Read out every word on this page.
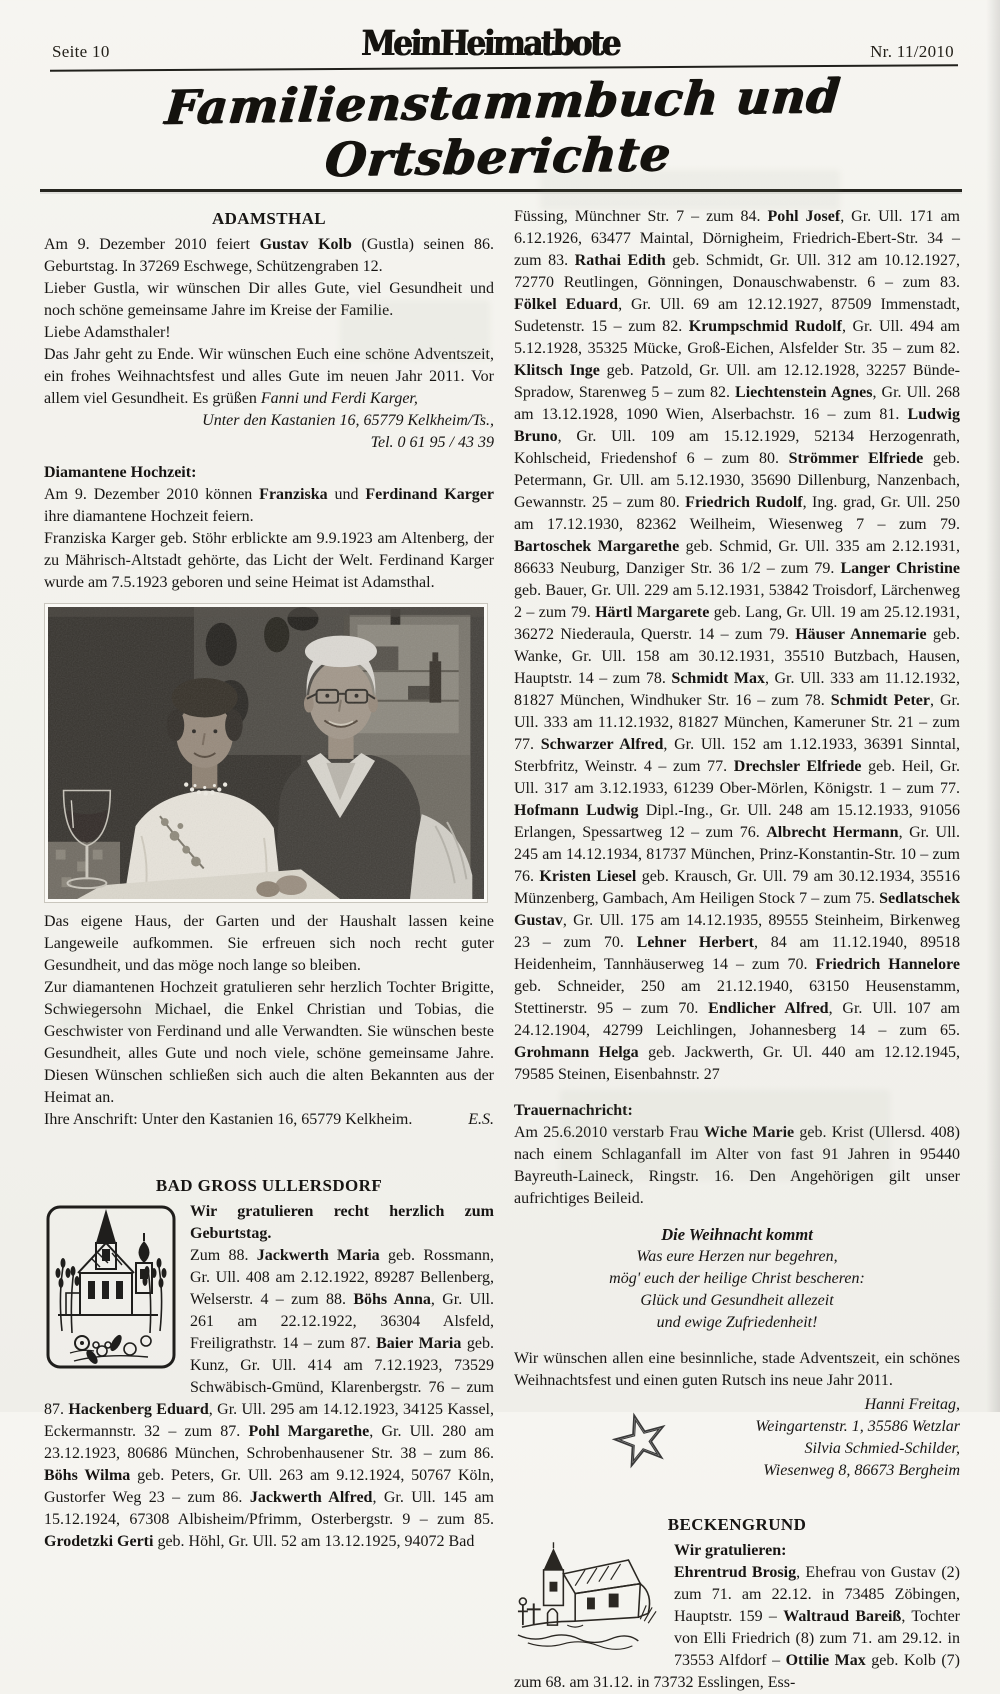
Seite 10	MeinHeimatbote	Nr. 11/2010
Familienstammbuch und Ortsberichte
ADAMSTHAL

Am 9. Dezember 2010 feiert Gustav Kolb (Gustla) seinen 86. Geburtstag. In 37269 Eschwege, Schützengraben 12.

Lieber Gustla, wir wünschen Dir alles Gute, viel Gesundheit und noch schöne gemeinsame Jahre im Kreise der Familie.

Liebe Adamsthaler!

Das Jahr geht zu Ende. Wir wünschen Euch eine schöne Adventszeit, ein frohes Weihnachtsfest und alles Gute im neuen Jahr 2011. Vor allem viel Gesundheit. Es grüßen Fanni und Ferdi Karger,

Unter den Kastanien 16, 65779 Kelkheim/Ts.,
Tel. 0 61 95 / 43 39
Diamantene Hochzeit:

Am 9. Dezember 2010 können Franziska und Ferdinand Karger ihre diamantene Hochzeit feiern.

Franziska Karger geb. Stöhr erblickte am 9.9.1923 am Altenberg, der zu Mährisch-Altstadt gehörte, das Licht der Welt. Ferdinand Karger wurde am 7.5.1923 geboren und seine Heimat ist Adamsthal.

Das eigene Haus, der Garten und der Haushalt lassen keine Langeweile aufkommen. Sie erfreuen sich noch recht guter Gesundheit, und das möge noch lange so bleiben.

Zur diamantenen Hochzeit gratulieren sehr herzlich Tochter Brigitte, Schwiegersohn Michael, die Enkel Christian und Tobias, die Geschwister von Ferdinand und alle Verwandten. Sie wünschen beste Gesundheit, alles Gute und noch viele, schöne gemeinsame Jahre. Diesen Wünschen schließen sich auch die alten Bekannten aus der Heimat an.

Ihre Anschrift: Unter den Kastanien 16, 65779 Kelkheim.	E.S.
BAD GROSS ULLERSDORF

Wir gratulieren recht herzlich zum Geburtstag.

Zum 88. Jackwerth Maria geb. Rossmann, Gr. Ull. 408 am 2.12.1922, 89287 Bellenberg, Welserstr. 4 – zum 88. Böhs Anna, Gr. Ull. 261 am 22.12.1922, 36304 Alsfeld, Freiligrathstr. 14 – zum 87. Baier Maria geb. Kunz, Gr. Ull. 414 am 7.12.1923, 73529 Schwäbisch-Gmünd, Klarenbergstr. 76 – zum 87. Hackenberg Eduard, Gr. Ull. 295 am 14.12.1923, 34125 Kassel, Eckermannstr. 32 – zum 87. Pohl Margarethe, Gr. Ull. 280 am 23.12.1923, 80686 München, Schrobenhausener Str. 38 – zum 86. Böhs Wilma geb. Peters, Gr. Ull. 263 am 9.12.1924, 50767 Köln, Gustorfer Weg 23 – zum 86. Jackwerth Alfred, Gr. Ull. 145 am 15.12.1924, 67308 Albisheim/Pfrimm, Osterbergstr. 9 – zum 85. Grodetzki Gerti geb. Höhl, Gr. Ull. 52 am 13.12.1925, 94072 Bad

Füssing, Münchner Str. 7 – zum 84. Pohl Josef, Gr. Ull. 171 am 6.12.1926, 63477 Maintal, Dörnigheim, Friedrich-Ebert-Str. 34 – zum 83. Rathai Edith geb. Schmidt, Gr. Ull. 312 am 10.12.1927, 72770 Reutlingen, Gönningen, Donauschwabenstr. 6 – zum 83. Fölkel Eduard, Gr. Ull. 69 am 12.12.1927, 87509 Immenstadt, Sudetenstr. 15 – zum 82. Krumpschmid Rudolf, Gr. Ull. 494 am 5.12.1928, 35325 Mücke, Groß-Eichen, Alsfelder Str. 35 – zum 82. Klitsch Inge geb. Patzold, Gr. Ull. am 12.12.1928, 32257 Bünde-Spradow, Starenweg 5 – zum 82. Liechtenstein Agnes, Gr. Ull. 268 am 13.12.1928, 1090 Wien, Alserbachstr. 16 – zum 81. Ludwig Bruno, Gr. Ull. 109 am 15.12.1929, 52134 Herzogenrath, Kohlscheid, Friedenshof 6 – zum 80. Strömmer Elfriede geb. Petermann, Gr. Ull. am 5.12.1930, 35690 Dillenburg, Nanzenbach, Gewannstr. 25 – zum 80. Friedrich Rudolf, Ing. grad, Gr. Ull. 250 am 17.12.1930, 82362 Weilheim, Wiesenweg 7 – zum 79. Bartoschek Margarethe geb. Schmid, Gr. Ull. 335 am 2.12.1931, 86633 Neuburg, Danziger Str. 36 1/2 – zum 79. Langer Christine geb. Bauer, Gr. Ull. 229 am 5.12.1931, 53842 Troisdorf, Lärchenweg 2 – zum 79. Härtl Margarete geb. Lang, Gr. Ull. 19 am 25.12.1931, 36272 Niederaula, Querstr. 14 – zum 79. Häuser Annemarie geb. Wanke, Gr. Ull. 158 am 30.12.1931, 35510 Butzbach, Hausen, Hauptstr. 14 – zum 78. Schmidt Max, Gr. Ull. 333 am 11.12.1932, 81827 München, Windhuker Str. 16 – zum 78. Schmidt Peter, Gr. Ull. 333 am 11.12.1932, 81827 München, Kameruner Str. 21 – zum 77. Schwarzer Alfred, Gr. Ull. 152 am 1.12.1933, 36391 Sinntal, Sterbfritz, Weinstr. 4 – zum 77. Drechsler Elfriede geb. Heil, Gr. Ull. 317 am 3.12.1933, 61239 Ober-Mörlen, Königstr. 1 – zum 77. Hofmann Ludwig Dipl.-Ing., Gr. Ull. 248 am 15.12.1933, 91056 Erlangen, Spessartweg 12 – zum 76. Albrecht Hermann, Gr. Ull. 245 am 14.12.1934, 81737 München, Prinz-Konstantin-Str. 10 – zum 76. Kristen Liesel geb. Krausch, Gr. Ull. 79 am 30.12.1934, 35516 Münzenberg, Gambach, Am Heiligen Stock 7 – zum 75. Sedlatschek Gustav, Gr. Ull. 175 am 14.12.1935, 89555 Steinheim, Birkenweg 23 – zum 70. Lehner Herbert, 84 am 11.12.1940, 89518 Heidenheim, Tannhäuserweg 14 – zum 70. Friedrich Hannelore geb. Schneider, 250 am 21.12.1940, 63150 Heusenstamm, Stettinerstr. 95 – zum 70. Endlicher Alfred, Gr. Ull. 107 am 24.12.1904, 42799 Leichlingen, Johannesberg 14 – zum 65. Grohmann Helga geb. Jackwerth, Gr. Ul. 440 am 12.12.1945, 79585 Steinen, Eisenbahnstr. 27

Trauernachricht:

Am 25.6.2010 verstarb Frau Wiche Marie geb. Krist (Ullersd. 408) nach einem Schlaganfall im Alter von fast 91 Jahren in 95440 Bayreuth-Laineck, Ringstr. 16. Den Angehörigen gilt unser aufrichtiges Beileid.

Die Weihnacht kommt
Was eure Herzen nur begehren,
mög' euch der heilige Christ bescheren:
Glück und Gesundheit allezeit
und ewige Zufriedenheit!

Wir wünschen allen eine besinnliche, stade Adventszeit, ein schönes Weihnachtsfest und einen guten Rutsch ins neue Jahr 2011.

Hanni Freitag,
Weingartenstr. 1, 35586 Wetzlar
Silvia Schmied-Schilder,
Wiesenweg 8, 86673 Bergheim
BECKENGRUND

Wir gratulieren:

Ehrentrud Brosig, Ehefrau von Gustav (2) zum 71. am 22.12. in 73485 Zöbingen, Hauptstr. 159 – Waltraud Bareiß, Tochter von Elli Friedrich (8) zum 71. am 29.12. in 73553 Alfdorf – Ottilie Max geb. Kolb (7) zum 68. am 31.12. in 73732 Esslingen, Ess-
